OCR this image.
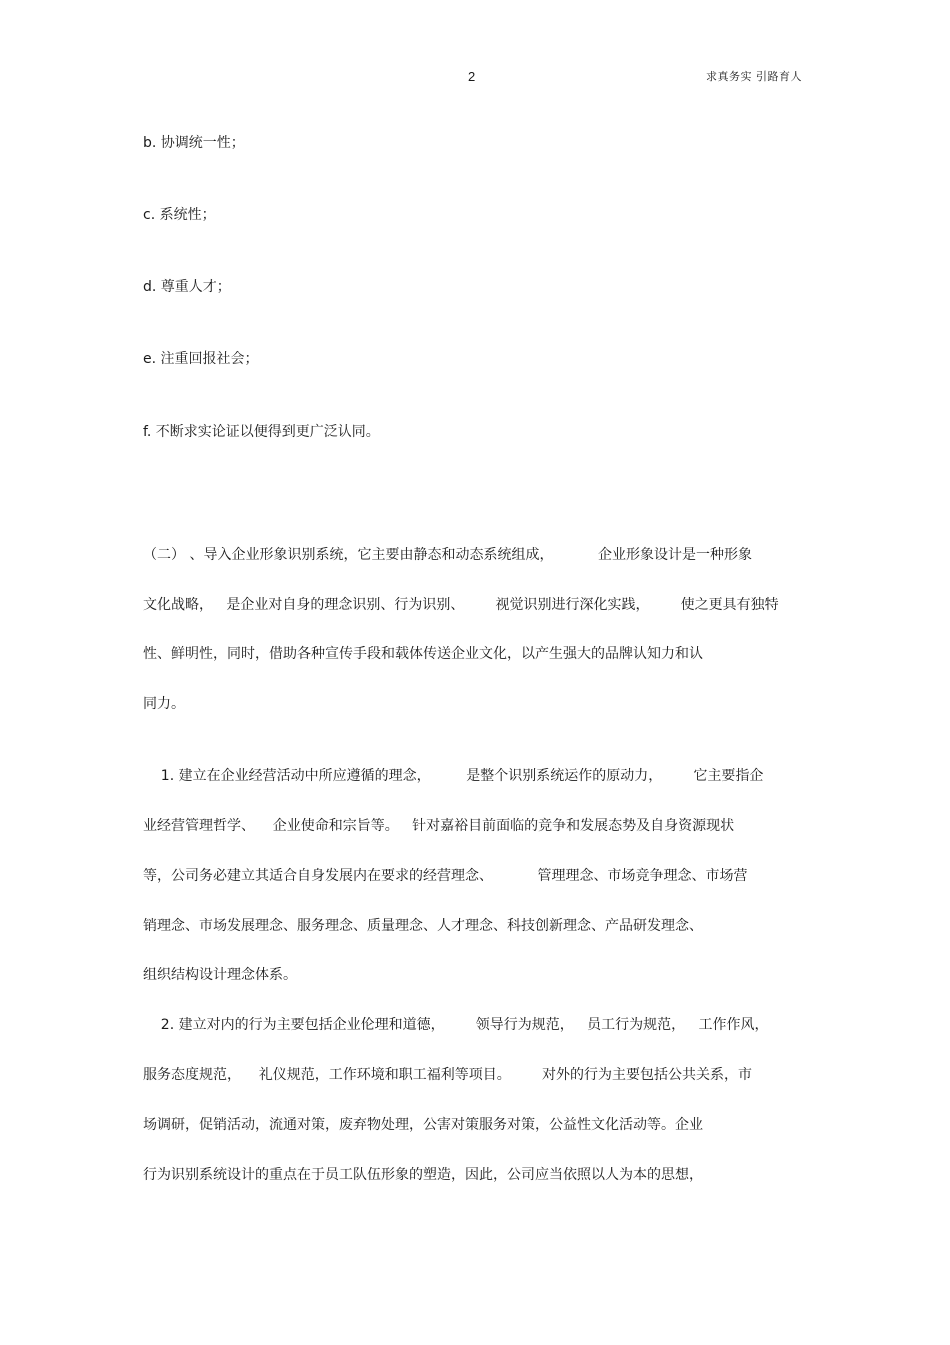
2	求真务实 引路育人
b. 协调统一性；
c. 系统性；
d. 尊重人才；
e. 注重回报社会；
f. 不断求实论证以便得到更广泛认同。
（二） 、导入企业形象识别系统，它主要由静态和动态系统组成，          企业形象设计是一种形象
文化战略，   是企业对自身的理念识别、行为识别、       视觉识别进行深化实践，       使之更具有独特
性、鲜明性，同时，借助各种宣传手段和载体传送企业文化，以产生强大的品牌认知力和认
同力。
1. 建立在企业经营活动中所应遵循的理念，        是整个识别系统运作的原动力，       它主要指企
业经营管理哲学、    企业使命和宗旨等。   针对嘉裕目前面临的竞争和发展态势及自身资源现状
等，公司务必建立其适合自身发展内在要求的经营理念、          管理理念、市场竞争理念、市场营
销理念、市场发展理念、服务理念、质量理念、人才理念、科技创新理念、产品研发理念、
组织结构设计理念体系。
2. 建立对内的行为主要包括企业伦理和道德，       领导行为规范，   员工行为规范，   工作作风，
服务态度规范，    礼仪规范，工作环境和职工福利等项目。       对外的行为主要包括公共关系，市
场调研，促销活动，流通对策，废弃物处理，公害对策服务对策，公益性文化活动等。企业
行为识别系统设计的重点在于员工队伍形象的塑造，因此，公司应当依照以人为本的思想，
